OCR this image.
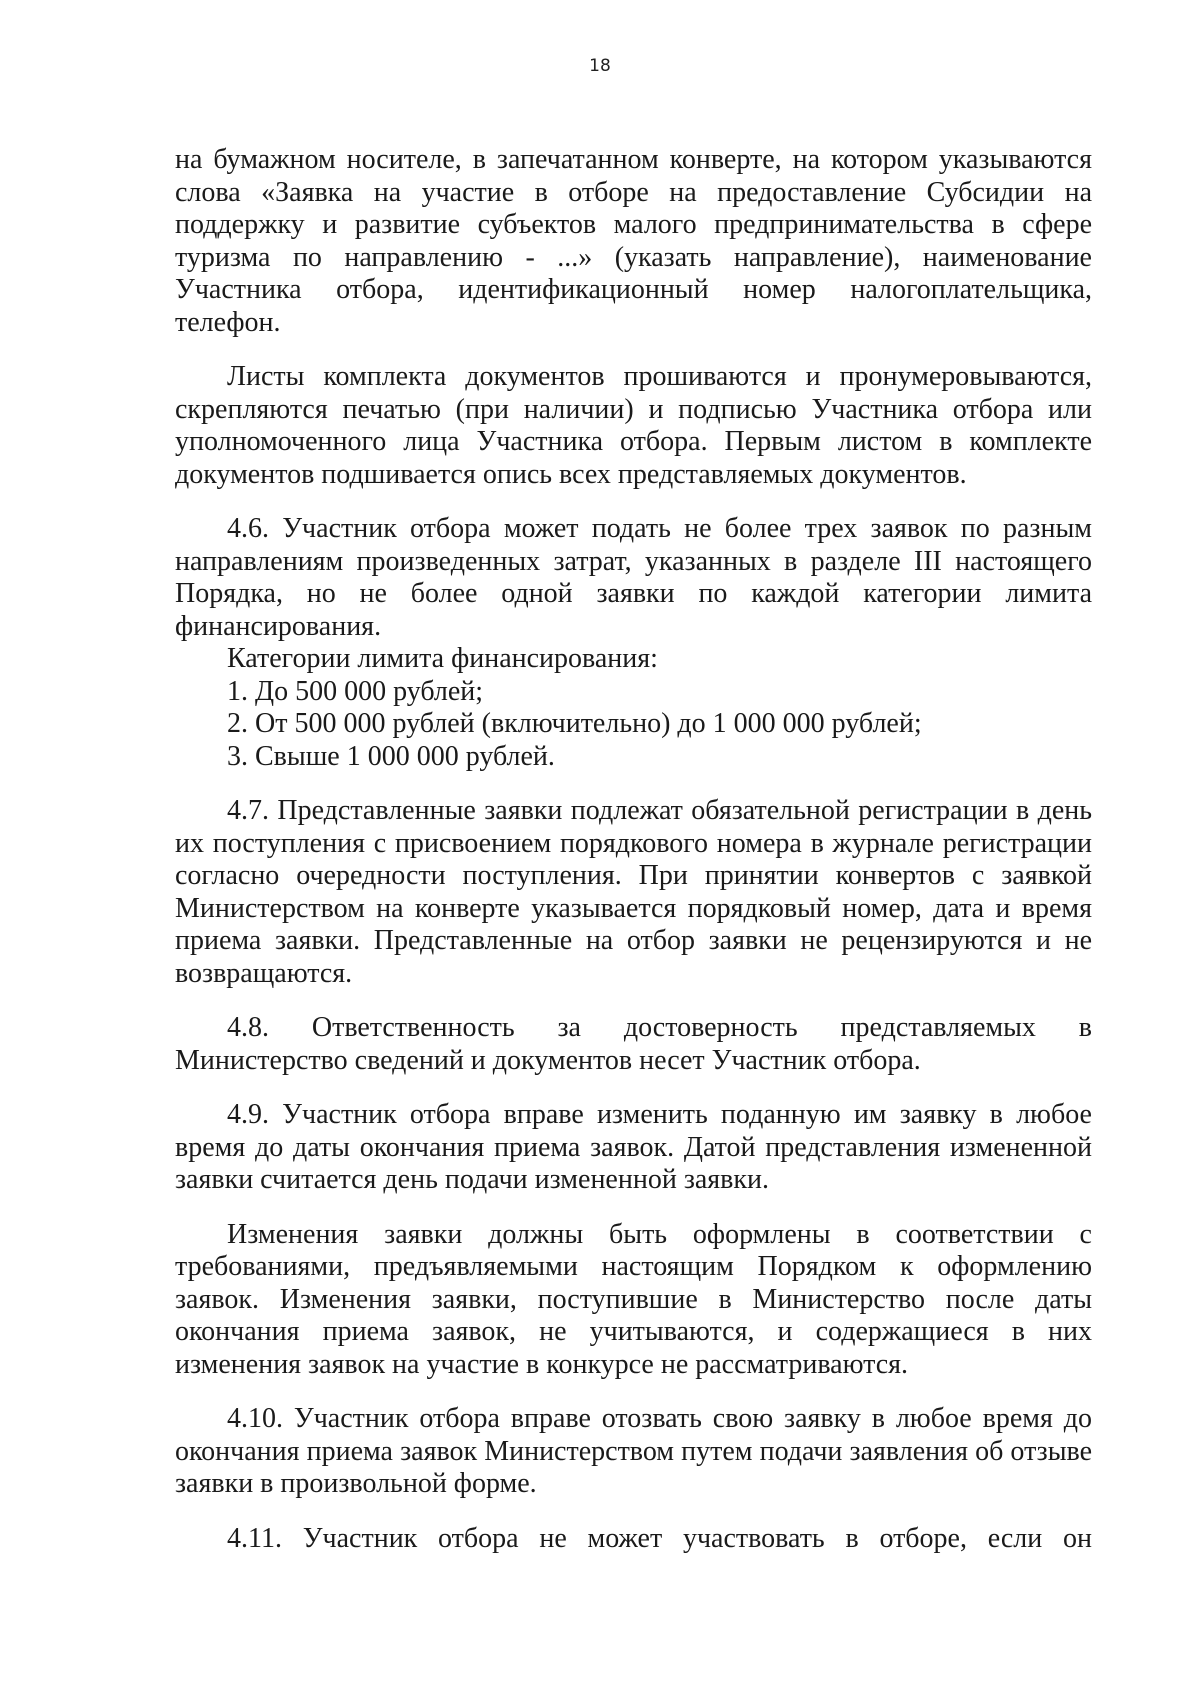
18

на бумажном носителе, в запечатанном конверте, на котором указываются слова «Заявка на участие в отборе на предоставление Субсидии на поддержку и развитие субъектов малого предпринимательства в сфере туризма по направлению - ...» (указать направление), наименование Участника отбора, идентификационный номер налогоплательщика, телефон.

Листы комплекта документов прошиваются и пронумеровываются, скрепляются печатью (при наличии) и подписью Участника отбора или уполномоченного лица Участника отбора. Первым листом в комплекте документов подшивается опись всех представляемых документов.

4.6. Участник отбора может подать не более трех заявок по разным направлениям произведенных затрат, указанных в разделе III настоящего Порядка, но не более одной заявки по каждой категории лимита финансирования.

Категории лимита финансирования:

1. До 500 000 рублей;

2. От 500 000 рублей (включительно) до 1 000 000 рублей;

3. Свыше 1 000 000 рублей.

4.7. Представленные заявки подлежат обязательной регистрации в день их поступления с присвоением порядкового номера в журнале регистрации согласно очередности поступления. При принятии конвертов с заявкой Министерством на конверте указывается порядковый номер, дата и время приема заявки. Представленные на отбор заявки не рецензируются и не возвращаются.

4.8. Ответственность за достоверность представляемых в

Министерство сведений и документов несет Участник отбора.

4.9. Участник отбора вправе изменить поданную им заявку в любое время до даты окончания приема заявок. Датой представления измененной заявки считается день подачи измененной заявки.

Изменения заявки должны быть оформлены в соответствии с требованиями, предъявляемыми настоящим Порядком к оформлению заявок. Изменения заявки, поступившие в Министерство после даты окончания приема заявок, не учитываются, и содержащиеся в них изменения заявок на участие в конкурсе не рассматриваются.

4.10. Участник отбора вправе отозвать свою заявку в любое время до окончания приема заявок Министерством путем подачи заявления об отзыве заявки в произвольной форме.

4.11. Участник отбора не может участвовать в отборе, если он
